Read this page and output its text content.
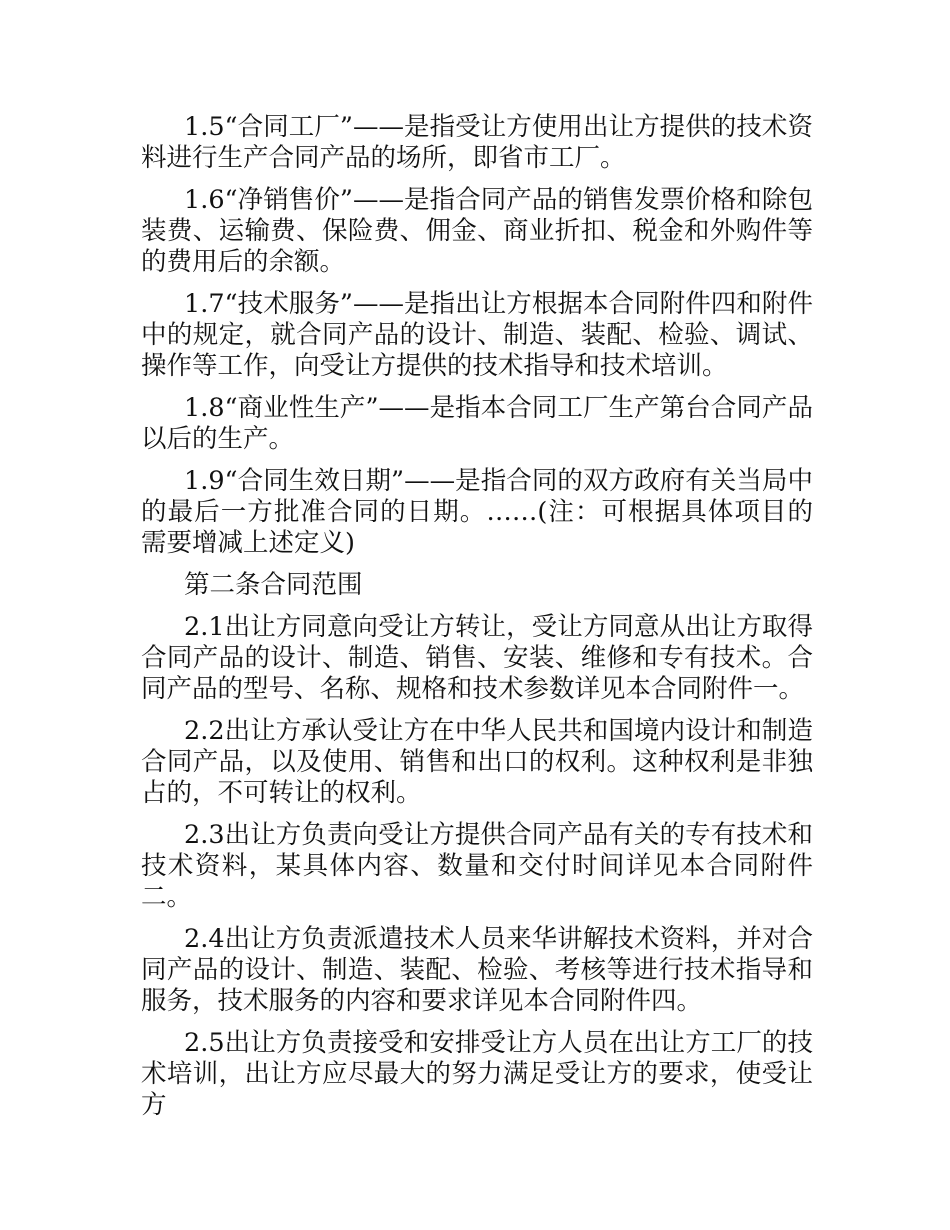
1.5“合同工厂”——是指受让方使用出让方提供的技术资料进行生产合同产品的场所，即省市工厂。

1.6“净销售价”——是指合同产品的销售发票价格和除包装费、运输费、保险费、佣金、商业折扣、税金和外购件等的费用后的余额。

1.7“技术服务”——是指出让方根据本合同附件四和附件中的规定，就合同产品的设计、制造、装配、检验、调试、操作等工作，向受让方提供的技术指导和技术培训。

1.8“商业性生产”——是指本合同工厂生产第台合同产品以后的生产。

1.9“合同生效日期”——是指合同的双方政府有关当局中的最后一方批准合同的日期。……(注：可根据具体项目的需要增减上述定义)

第二条合同范围

2.1出让方同意向受让方转让，受让方同意从出让方取得合同产品的设计、制造、销售、安装、维修和专有技术。合同产品的型号、名称、规格和技术参数详见本合同附件一。

2.2出让方承认受让方在中华人民共和国境内设计和制造合同产品，以及使用、销售和出口的权利。这种权利是非独占的，不可转让的权利。

2.3出让方负责向受让方提供合同产品有关的专有技术和技术资料，某具体内容、数量和交付时间详见本合同附件二。

2.4出让方负责派遣技术人员来华讲解技术资料，并对合同产品的设计、制造、装配、检验、考核等进行技术指导和服务，技术服务的内容和要求详见本合同附件四。

2.5出让方负责接受和安排受让方人员在出让方工厂的技术培训，出让方应尽最大的努力满足受让方的要求，使受让方
